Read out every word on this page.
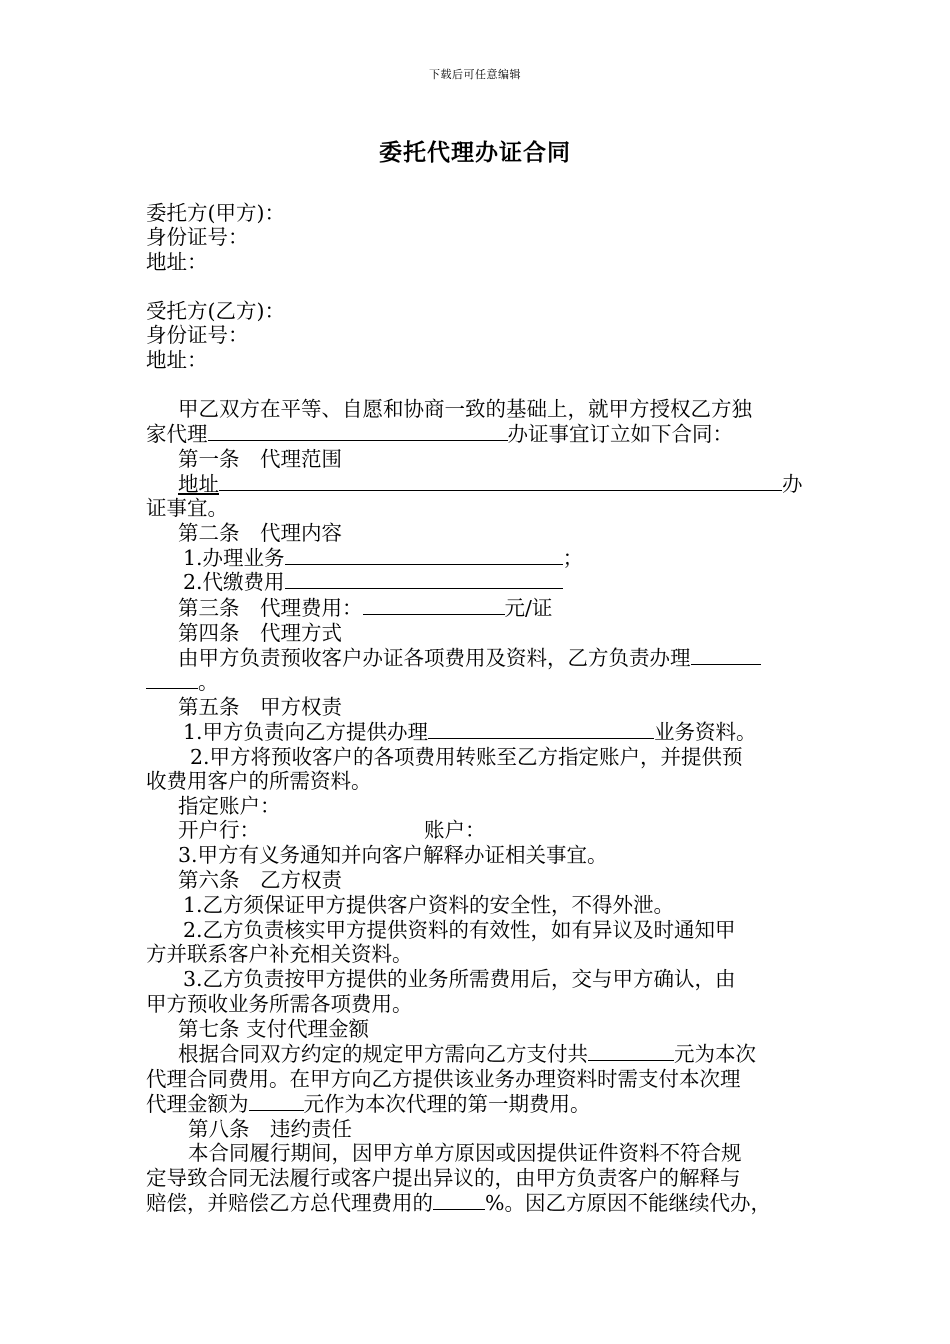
下载后可任意编辑
委托代理办证合同
委托方(甲方)：
身份证号：
地址：
受托方(乙方)：
身份证号：
地址：
甲乙双方在平等、自愿和协商一致的基础上，就甲方授权乙方独
家代理	办证事宜订立如下合同：
第一条　代理范围
地址	办
证事宜。
第二条　代理内容
1.办理业务	；
2.代缴费用
第三条　代理费用：	元/证
第四条　代理方式
由甲方负责预收客户办证各项费用及资料，乙方负责办理
。
第五条　甲方权责
1.甲方负责向乙方提供办理	业务资料。
2.甲方将预收客户的各项费用转账至乙方指定账户，并提供预
收费用客户的所需资料。
指定账户：
开户行：	账户：
3.甲方有义务通知并向客户解释办证相关事宜。
第六条　乙方权责
1.乙方须保证甲方提供客户资料的安全性，不得外泄。
2.乙方负责核实甲方提供资料的有效性，如有异议及时通知甲
方并联系客户补充相关资料。
3.乙方负责按甲方提供的业务所需费用后，交与甲方确认，由
甲方预收业务所需各项费用。
第七条 支付代理金额
根据合同双方约定的规定甲方需向乙方支付共	元为本次
代理合同费用。在甲方向乙方提供该业务办理资料时需支付本次理
代理金额为	元作为本次代理的第一期费用。
第八条　违约责任
本合同履行期间，因甲方单方原因或因提供证件资料不符合规
定导致合同无法履行或客户提出异议的，由甲方负责客户的解释与
赔偿，并赔偿乙方总代理费用的	%。因乙方原因不能继续代办，
